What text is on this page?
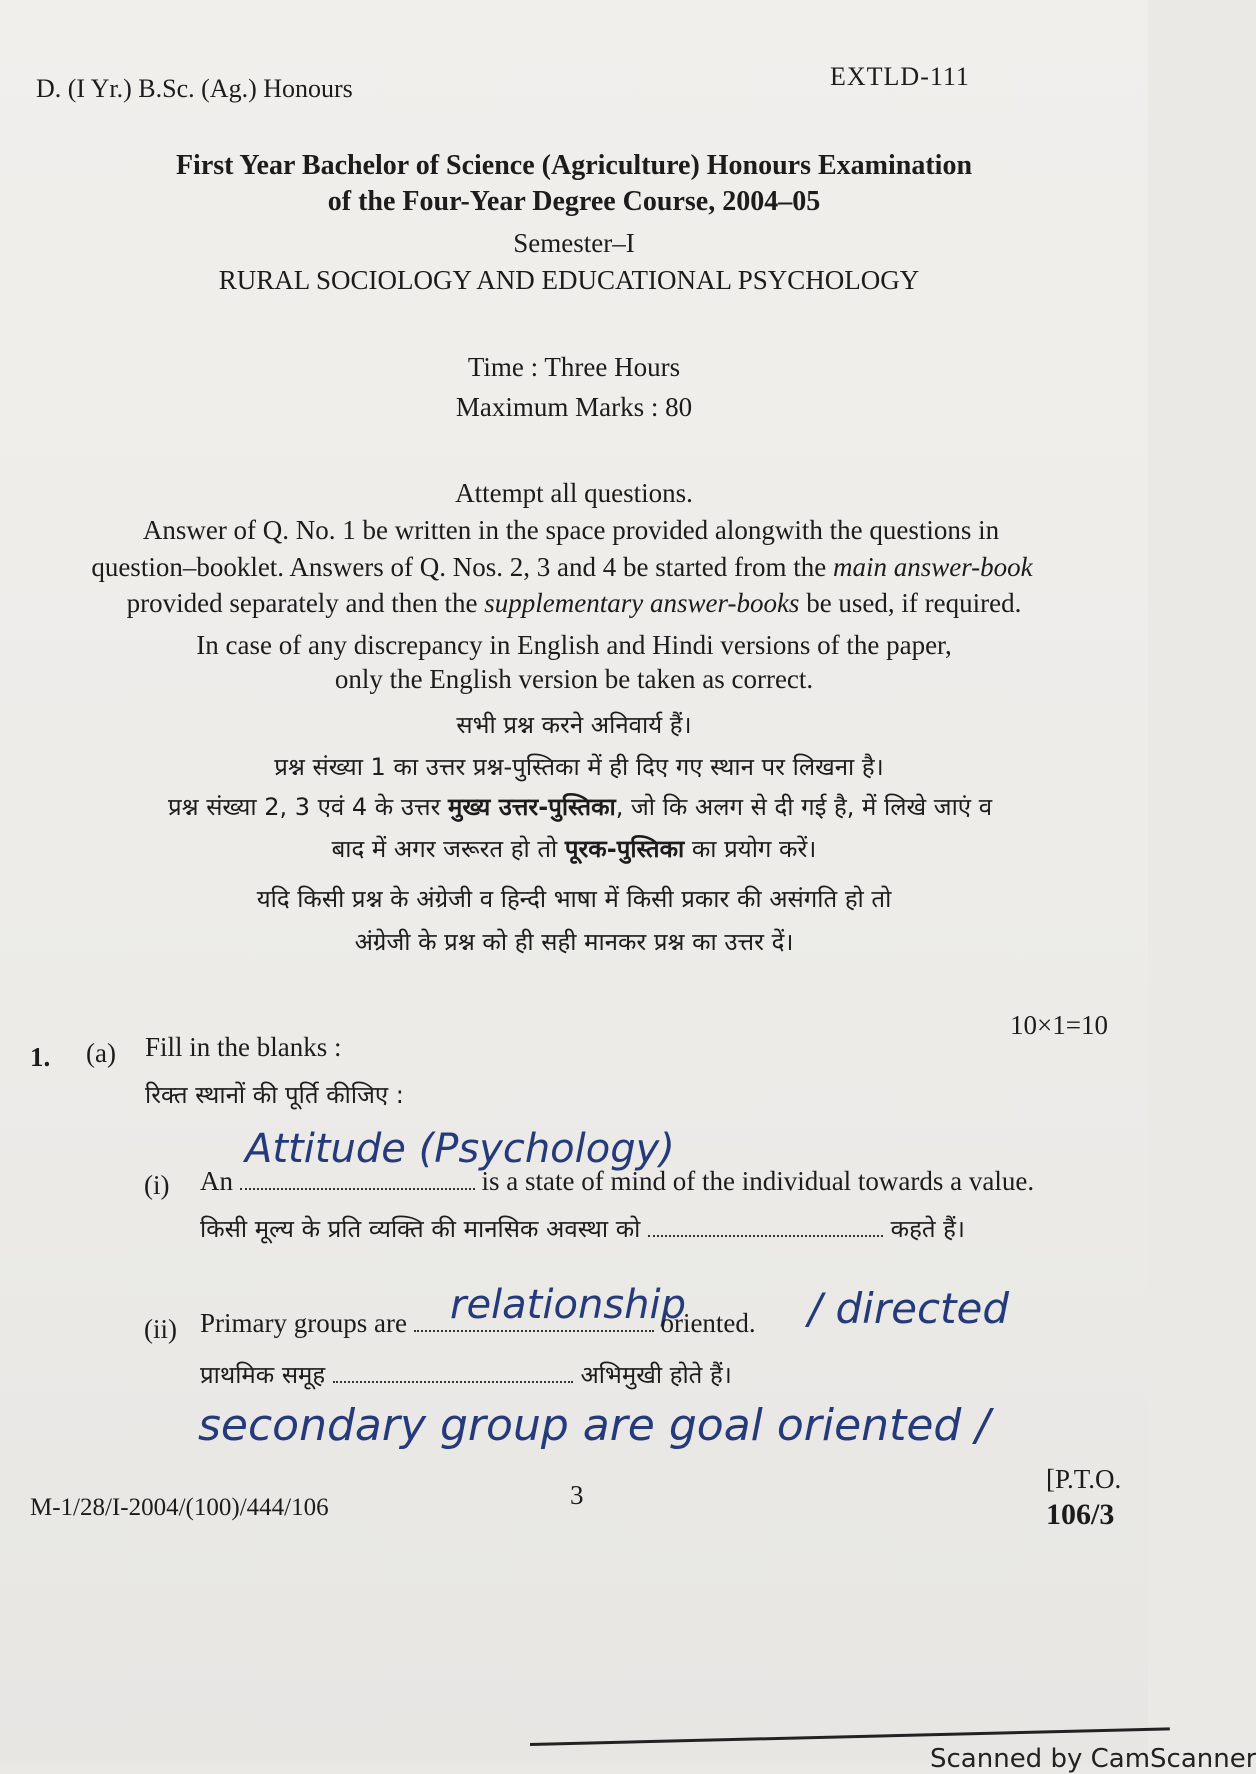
D. (I Yr.) B.Sc. (Ag.) Honours	EXTLD-111
First Year Bachelor of Science (Agriculture) Honours Examination
of the Four-Year Degree Course, 2004–05
Semester–I
RURAL SOCIOLOGY AND EDUCATIONAL PSYCHOLOGY
Time : Three Hours
Maximum Marks : 80
Attempt all questions.
Answer of Q. No. 1 be written in the space provided alongwith the questions in
question–booklet. Answers of Q. Nos. 2, 3 and 4 be started from the main answer-book
provided separately and then the supplementary answer-books be used, if required.
In case of any discrepancy in English and Hindi versions of the paper,
only the English version be taken as correct.
सभी प्रश्न करने अनिवार्य हैं।
प्रश्न संख्या 1 का उत्तर प्रश्न-पुस्तिका में ही दिए गए स्थान पर लिखना है।
प्रश्न संख्या 2, 3 एवं 4 के उत्तर मुख्य उत्तर-पुस्तिका, जो कि अलग से दी गई है, में लिखे जाएं व
बाद में अगर जरूरत हो तो पूरक-पुस्तिका का प्रयोग करें।
यदि किसी प्रश्न के अंग्रेजी व हिन्दी भाषा में किसी प्रकार की असंगति हो तो
अंग्रेजी के प्रश्न को ही सही मानकर प्रश्न का उत्तर दें।
1. (a) Fill in the blanks :
10×1=10
रिक्त स्थानों की पूर्ति कीजिए :
Attitude (Psychology)
(i) An	is a state of mind of the individual towards a value.
किसी मूल्य के प्रति व्यक्ति की मानसिक अवस्था को	कहते हैं।
relationship	/ directed
(ii) Primary groups are	oriented.
प्राथमिक समूह	अभिमुखी होते हैं।
secondary group are goal oriented /
M-1/28/I-2004/(100)/444/106	3
[P.T.O.
106/3
Scanned by CamScanner
